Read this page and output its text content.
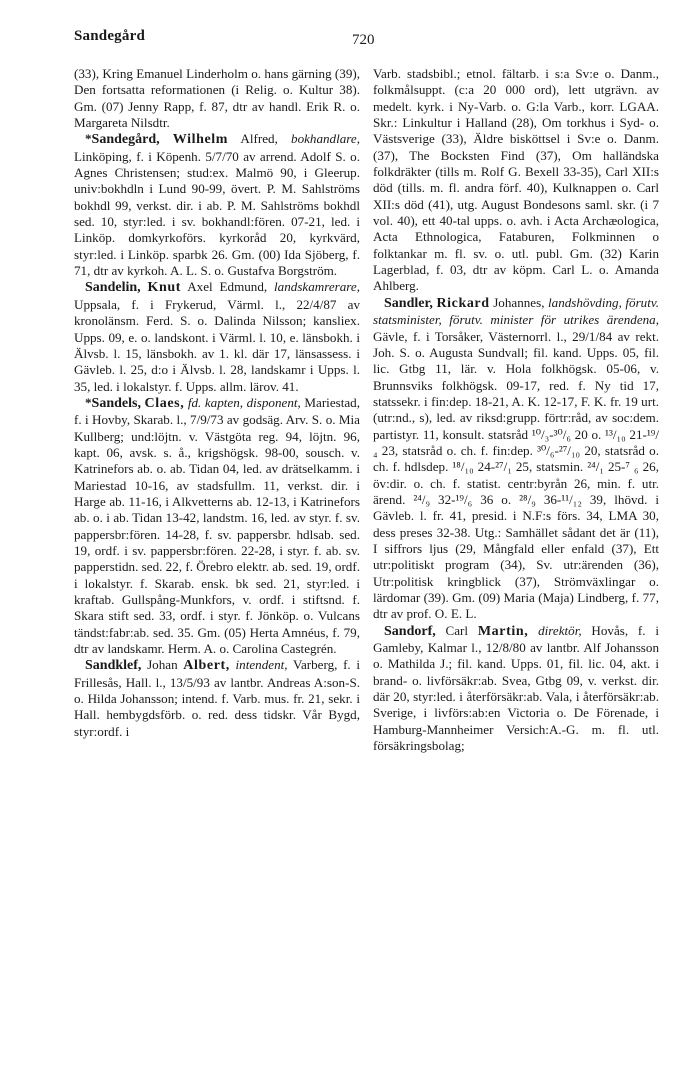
Sandegård	720

(33), Kring Emanuel Linderholm o. hans gärning (39), Den fortsatta reformationen (i Relig. o. Kultur 38). Gm. (07) Jenny Rapp, f. 87, dtr av handl. Erik R. o. Margareta Nilsdtr.

*Sandegård, Wilhelm Alfred, bokhandlare, Linköping, f. i Köpenh. 5/7/70 av arrend. Adolf S. o. Agnes Christensen; stud:ex. Malmö 90, i Gleerup. univ:bokhdln i Lund 90-99, övert. P. M. Sahlströms bokhdl 99, verkst. dir. i ab. P. M. Sahlströms bokhdl sed. 10, styr:led. i sv. bokhandl:fören. 07-21, led. i Linköp. domkyrkoförs. kyrkoråd 20, kyrkvärd, styr:led. i Linköp. sparbk 26. Gm. (00) Ida Sjöberg, f. 71, dtr av kyrkoh. A. L. S. o. Gustafva Borgström.

Sandelin, Knut Axel Edmund, landskamrerare, Uppsala, f. i Frykerud, Värml. l., 22/4/87 av kronolänsm. Ferd. S. o. Dalinda Nilsson; kansliex. Upps. 09, e. o. landskont. i Värml. l. 10, e. länsbokh. i Älvsb. l. 15, länsbokh. av 1. kl. där 17, länsassess. i Gävleb. l. 25, d:o i Älvsb. l. 28, landskamr i Upps. l. 35, led. i lokalstyr. f. Upps. allm. lärov. 41.

*Sandels, Claes, fd. kapten, disponent, Mariestad, f. i Hovby, Skarab. l., 7/9/73 av godsäg. Arv. S. o. Mia Kullberg; und:löjtn. v. Västgöta reg. 94, löjtn. 96, kapt. 06, avsk. s. å., krigshögsk. 98-00, sousch. v. Katrinefors ab. o. ab. Tidan 04, led. av drätselkamm. i Mariestad 10-16, av stadsfullm. 11, verkst. dir. i Harge ab. 11-16, i Alkvetterns ab. 12-13, i Katrinefors ab. o. i ab. Tidan 13-42, landstm. 16, led. av styr. f. sv. pappersbr:fören. 14-28, f. sv. pappersbr. hdlsab. sed. 19, ordf. i sv. pappersbr:fören. 22-28, i styr. f. ab. sv. papperstidn. sed. 22, f. Örebro elektr. ab. sed. 19, ordf. i lokalstyr. f. Skarab. ensk. bk sed. 21, styr:led. i kraftab. Gullspång-Munkfors, v. ordf. i stiftsnd. f. Skara stift sed. 33, ordf. i styr. f. Jönköp. o. Vulcans tändst:fabr:ab. sed. 35. Gm. (05) Herta Amnéus, f. 79, dtr av landskamr. Herm. A. o. Carolina Castegrén.

Sandklef, Johan Albert, intendent, Varberg, f. i Frillesås, Hall. l., 13/5/93 av lantbr. Andreas A:son-S. o. Hilda Johansson; intend. f. Varb. mus. fr. 21, sekr. i Hall. hembygdsförb. o. red. dess tidskr. Vår Bygd, styr:ordf. i

Varb. stadsbibl.; etnol. fältarb. i s:a Sv:e o. Danm., folkmålsuppt. (c:a 20 000 ord), lett utgrävn. av medelt. kyrk. i Ny-Varb. o. G:la Varb., korr. LGAA. Skr.: Linkultur i Halland (28), Om torkhus i Syd- o. Västsverige (33), Äldre bisköttsel i Sv:e o. Danm. (37), The Bocksten Find (37), Om halländska folkdräkter (tills m. Rolf G. Bexell 33-35), Carl XII:s död (tills. m. fl. andra förf. 40), Kulknappen o. Carl XII:s död (41), utg. August Bondesons saml. skr. (i 7 vol. 40), ett 40-tal upps. o. avh. i Acta Archæologica, Acta Ethnologica, Fataburen, Folkminnen o folktankar m. fl. sv. o. utl. publ. Gm. (32) Karin Lagerblad, f. 03, dtr av köpm. Carl L. o. Amanda Ahlberg.

Sandler, Rickard Johannes, landshövding, förutv. statsminister, förutv. minister för utrikes ärendena, Gävle, f. i Torsåker, Västernorrl. l., 29/1/84 av rekt. Joh. S. o. Augusta Sundvall; fil. kand. Upps. 05, fil. lic. Gtbg 11, lär. v. Hola folkhögsk. 05-06, v. Brunnsviks folkhögsk. 09-17, red. f. Ny tid 17, statssekr. i fin:dep. 18-21, A. K. 12-17, F. K. fr. 19 urt. (utr:nd., s), led. av riksd:grupp. förtr:råd, av soc:dem. partistyr. 11, konsult. statsråd ¹⁰/₃-³⁰/₆ 20 o. ¹³/₁₀ 21-¹⁹/₄ 23, statsråd o. ch. f. fin:dep. ³⁰/₆-²⁷/₁₀ 20, statsråd o. ch. f. hdlsdep. ¹⁸/₁₀ 24-²⁷/₁ 25, statsmin. ²⁴/₁ 25-⁷ ₆ 26, öv:dir. o. ch. f. statist. centr:byrån 26, min. f. utr. ärend. ²⁴/₉ 32-¹⁹/₆ 36 o. ²⁸/₉ 36-¹¹/₁₂ 39, lhövd. i Gävleb. l. fr. 41, presid. i N.F:s förs. 34, LMA 30, dess preses 32-38. Utg.: Samhället sådant det är (11), I siffrors ljus (29, Mångfald eller enfald (37), Ett utr:politiskt program (34), Sv. utr:ärenden (36), Utr:politisk kringblick (37), Strömväxlingar o. lärdomar (39). Gm. (09) Maria (Maja) Lindberg, f. 77, dtr av prof. O. E. L.

Sandorf, Carl Martin, direktör, Hovås, f. i Gamleby, Kalmar l., 12/8/80 av lantbr. Alf Johansson o. Mathilda J.; fil. kand. Upps. 01, fil. lic. 04, akt. i brand- o. livförsäkr:ab. Svea, Gtbg 09, v. verkst. dir. där 20, styr:led. i återförsäkr:ab. Vala, i återförsäkr:ab. Sverige, i livförs:ab:en Victoria o. De Förenade, i Hamburg-Mannheimer Versich:A.-G. m. fl. utl. försäkringsbolag;
